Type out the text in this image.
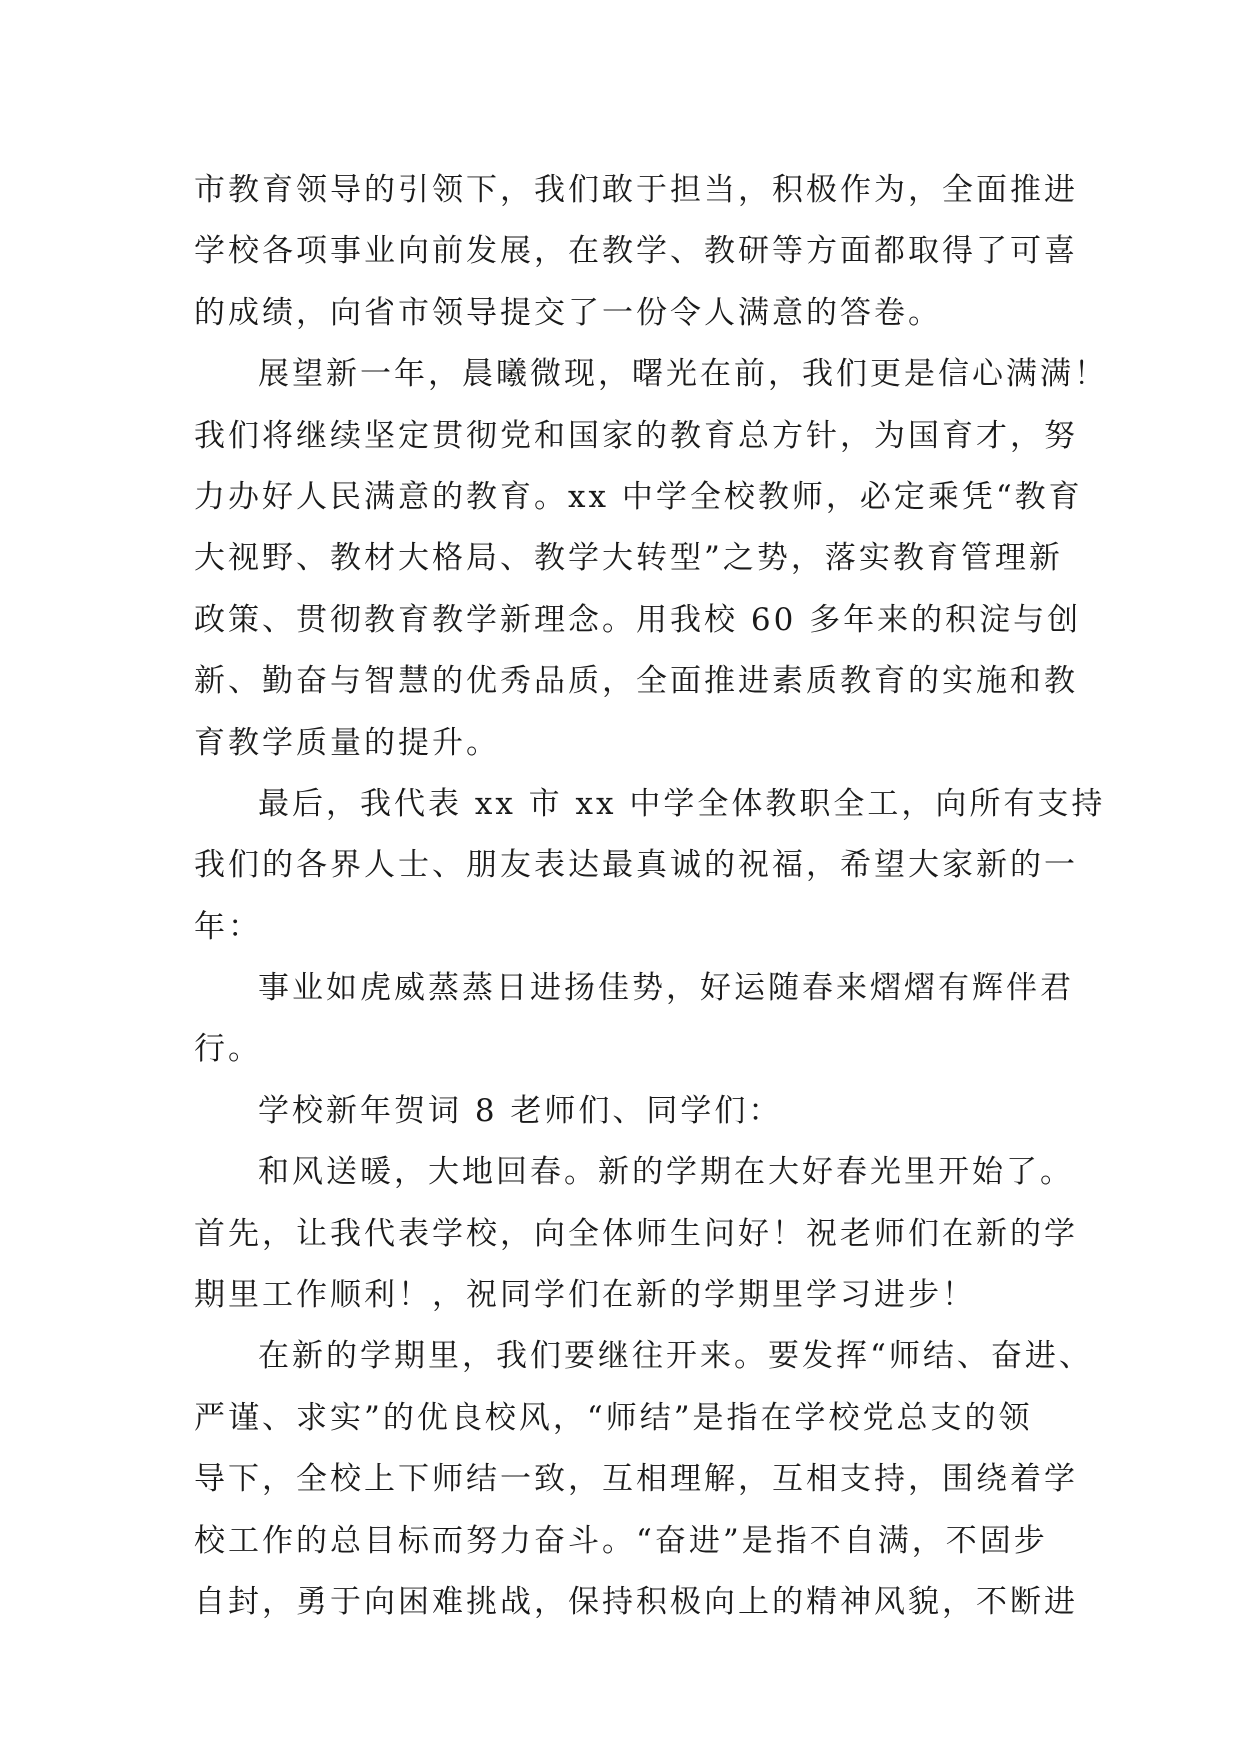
市教育领导的引领下，我们敢于担当，积极作为，全面推进
学校各项事业向前发展，在教学、教研等方面都取得了可喜
的成绩，向省市领导提交了一份令人满意的答卷。
展望新一年，晨曦微现，曙光在前，我们更是信心满满！
我们将继续坚定贯彻党和国家的教育总方针，为国育才，努
力办好人民满意的教育。xx 中学全校教师，必定乘凭“教育
大视野、教材大格局、教学大转型”之势，落实教育管理新
政策、贯彻教育教学新理念。用我校 60 多年来的积淀与创
新、勤奋与智慧的优秀品质，全面推进素质教育的实施和教
育教学质量的提升。
最后，我代表 xx 市 xx 中学全体教职全工，向所有支持
我们的各界人士、朋友表达最真诚的祝福，希望大家新的一
年：
事业如虎威蒸蒸日进扬佳势，好运随春来熠熠有辉伴君
行。
学校新年贺词 8 老师们、同学们：
和风送暖，大地回春。新的学期在大好春光里开始了。
首先，让我代表学校，向全体师生问好！祝老师们在新的学
期里工作顺利！，祝同学们在新的学期里学习进步！
在新的学期里，我们要继往开来。要发挥“师结、奋进、
严谨、求实”的优良校风，“师结”是指在学校党总支的领
导下，全校上下师结一致，互相理解，互相支持，围绕着学
校工作的总目标而努力奋斗。“奋进”是指不自满，不固步
自封，勇于向困难挑战，保持积极向上的精神风貌，不断进
